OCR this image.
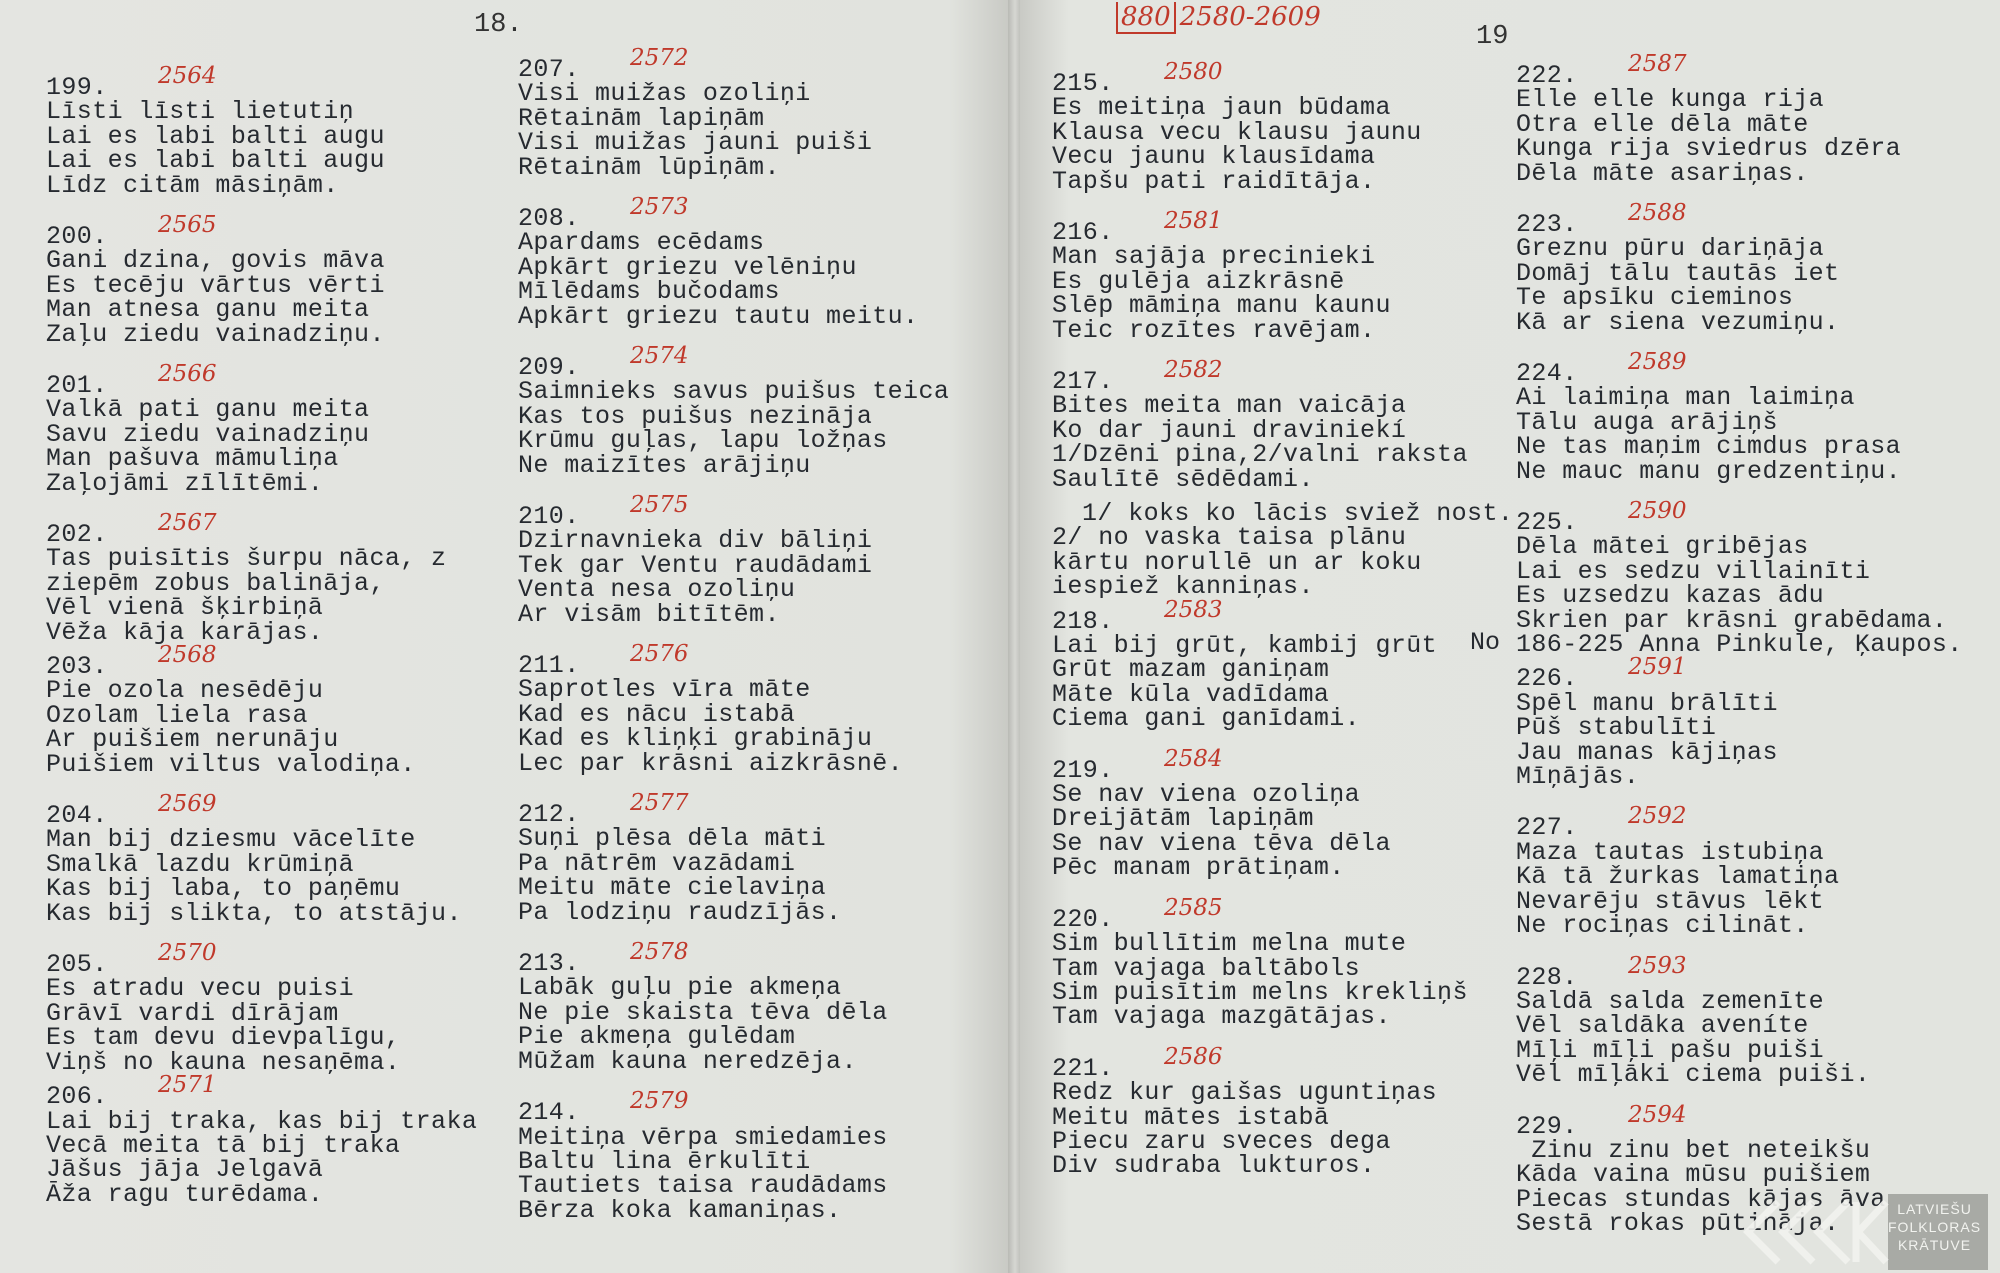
18.
199. 2564
Līsti līsti lietutiņ
Lai es labi balti augu
Lai es labi balti augu
Līdz citām māsiņām.
200. 2565
Gani dzina, govis māva
Es tecēju vārtus vērti
Man atnesa ganu meita
Zaļu ziedu vainadziņu.
201. 2566
Valkā pati ganu meita
Savu ziedu vainadziņu
Man pašuva māmuliņa
Zaļojāmi zīlītēmi.
202. 2567
Tas puisītis šurpu nāca, z
ziepēm zobus balināja,
Vēl vienā šķirbiņā
Vēža kāja karājas.
203. 2568
Pie ozola nesēdēju
Ozolam liela rasa
Ar puišiem nerunāju
Puišiem viltus valodiņa.
204. 2569
Man bij dziesmu vācelīte
Smalkā lazdu krūmiņā
Kas bij laba, to paņēmu
Kas bij slikta, to atstāju.
205. 2570
Es atradu vecu puisi
Grāvī vardi dīrājam
Es tam devu dievpalīgu,
Viņš no kauna nesaņēma.
206. 2571
Lai bij traka, kas bij traka
Vecā meita tā bij traka
Jāšus jāja Jelgavā
Āža ragu turēdama.
207. 2572
Visi muižas ozoliņi
Rētainām lapiņām
Visi muižas jauni puiši
Rētainām lūpiņām.
208. 2573
Apardams ecēdams
Apkārt griezu velēniņu
Mīlēdams bučodams
Apkārt griezu tautu meitu.
209. 2574
Saimnieks savus puišus teica
Kas tos puišus nezināja
Krūmu guļas, lapu ložņas
Ne maizītes arājiņu
210. 2575
Dzirnavnieka div bāliņi
Tek gar Ventu raudādami
Venta nesa ozoliņu
Ar visām bitītēm.
211. 2576
Saprotles vīra māte
Kad es nācu istabā
Kad es kliņķi grabināju
Lec par krāsni aizkrāsnē.
212. 2577
Suņi plēsa dēla māti
Pa nātrēm vazādami
Meitu māte cielaviņa
Pa lodziņu raudzījās.
213. 2578
Labāk guļu pie akmeņa
Ne pie skaista tēva dēla
Pie akmeņa gulēdam
Mūžam kauna neredzēja.
214. 2579
Meitiņa vērpa smiedamies
Baltu lina ērkulīti
Tautiets taisa raudādams
Bērza koka kamaniņas.
19
215. 2580
Es meitiņa jaun būdama
Klausa vecu klausu jaunu
Vecu jaunu klausīdama
Tapšu pati raidītāja.
216. 2581
Man sajāja precinieki
Es gulēja aizkrāsnē
Slēp māmiņa manu kaunu
Teic rozītes ravējam.
217. 2582
Bites meita man vaicāja
Ko dar jauni draviniekí
1/Dzēni pina,2/valni raksta
Saulītē sēdēdami.
1/ koks ko lācis sviež nost.
2/ no vaska taisa plānu
kārtu norullē un ar koku
iespiež kanniņas.
218. 2583
Lai bij grūt, kambij grūt
Grūt mazam ganiņam
Māte kūla vadīdama
Ciema gani ganīdami.
219. 2584
Se nav viena ozoliņa
Dreijātām lapiņām
Se nav viena tēva dēla
Pēc manam prātiņam.
220. 2585
Sim bullītim melna mute
Tam vajaga baltābols
Sim puisītim melns krekliņš
Tam vajaga mazgātājas.
221. 2586
Redz kur gaišas uguntiņas
Meitu mātes istabā
Piecu zaru sveces dega
Div sudraba lukturos.
222. 2587
Elle elle kunga rija
Otra elle dēla māte
Kunga rija sviedrus dzēra
Dēla māte asariņas.
223. 2588
Greznu pūru dariņāja
Domāj tālu tautās iet
Te apsīku cieminos
Kā ar siena vezumiņu.
224. 2589
Ai laimiņa man laimiņa
Tālu auga arājiņš
Ne tas maņim cimdus prasa
Ne mauc manu gredzentiņu.
225. 2590
Dēla mātei gribējas
Lai es sedzu villainīti
Es uzsedzu kazas ādu
Skrien par krāsni grabēdama.
186-225 Anna Pinkule, Ķaupos.
226. 2591
Spēl manu brālīti
Pūš stabulīti
Jau manas kājiņas
Mīņājās.
227. 2592
Maza tautas istubiņa
Kā tā žurkas lamatiņa
Nevarēju stāvus lēkt
Ne rociņas cilināt.
228. 2593
Saldā salda zemenīte
Vēl saldāka aveníte
Mīļi mīļi pašu puiši
Vēl mīļāki ciema puiši.
229. 2594
Zinu zinu bet neteikšu
Kāda vaina mūsu puišiem
Piecas stundas kājas āva
Sestā rokas pūtināja.
880 2580-2609
No
LATVIEŠU
FOLKLORAS
KRĀTUVE
